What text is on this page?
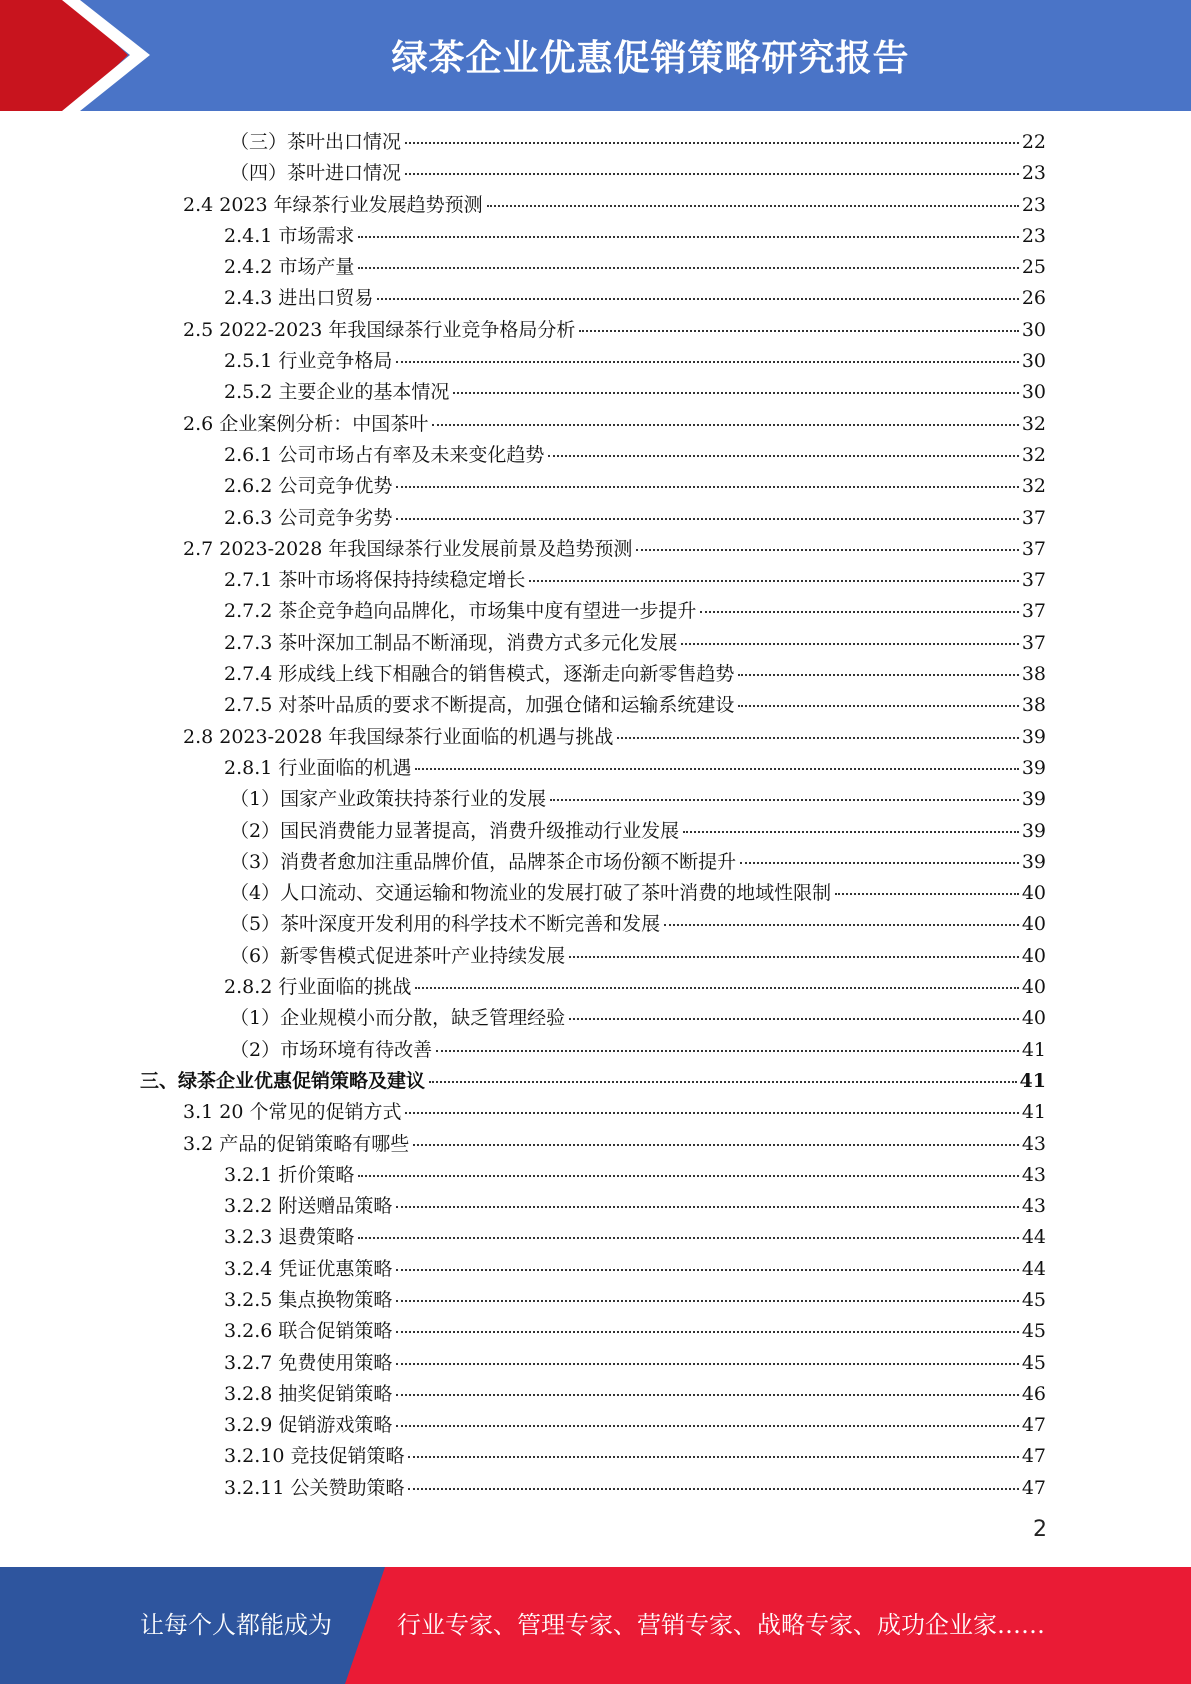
绿茶企业优惠促销策略研究报告
（三）茶叶出口情况	22
（四）茶叶进口情况	23
2.4 2023 年绿茶行业发展趋势预测	23
2.4.1 市场需求	23
2.4.2 市场产量	25
2.4.3 进出口贸易	26
2.5 2022-2023 年我国绿茶行业竞争格局分析	30
2.5.1 行业竞争格局	30
2.5.2 主要企业的基本情况	30
2.6 企业案例分析：中国茶叶	32
2.6.1 公司市场占有率及未来变化趋势	32
2.6.2 公司竞争优势	32
2.6.3 公司竞争劣势	37
2.7 2023-2028 年我国绿茶行业发展前景及趋势预测	37
2.7.1 茶叶市场将保持持续稳定增长	37
2.7.2 茶企竞争趋向品牌化，市场集中度有望进一步提升	37
2.7.3 茶叶深加工制品不断涌现，消费方式多元化发展	37
2.7.4 形成线上线下相融合的销售模式，逐渐走向新零售趋势	38
2.7.5 对茶叶品质的要求不断提高，加强仓储和运输系统建设	38
2.8 2023-2028 年我国绿茶行业面临的机遇与挑战	39
2.8.1 行业面临的机遇	39
（1）国家产业政策扶持茶行业的发展	39
（2）国民消费能力显著提高，消费升级推动行业发展	39
（3）消费者愈加注重品牌价值，品牌茶企市场份额不断提升	39
（4）人口流动、交通运输和物流业的发展打破了茶叶消费的地域性限制	40
（5）茶叶深度开发利用的科学技术不断完善和发展	40
（6）新零售模式促进茶叶产业持续发展	40
2.8.2 行业面临的挑战	40
（1）企业规模小而分散，缺乏管理经验	40
（2）市场环境有待改善	41
三、绿茶企业优惠促销策略及建议	41
3.1 20 个常见的促销方式	41
3.2 产品的促销策略有哪些	43
3.2.1 折价策略	43
3.2.2 附送赠品策略	43
3.2.3 退费策略	44
3.2.4 凭证优惠策略	44
3.2.5 集点换物策略	45
3.2.6 联合促销策略	45
3.2.7 免费使用策略	45
3.2.8 抽奖促销策略	46
3.2.9 促销游戏策略	47
3.2.10 竞技促销策略	47
3.2.11 公关赞助策略	47
2
让每个人都能成为	行业专家、管理专家、营销专家、战略专家、成功企业家……
